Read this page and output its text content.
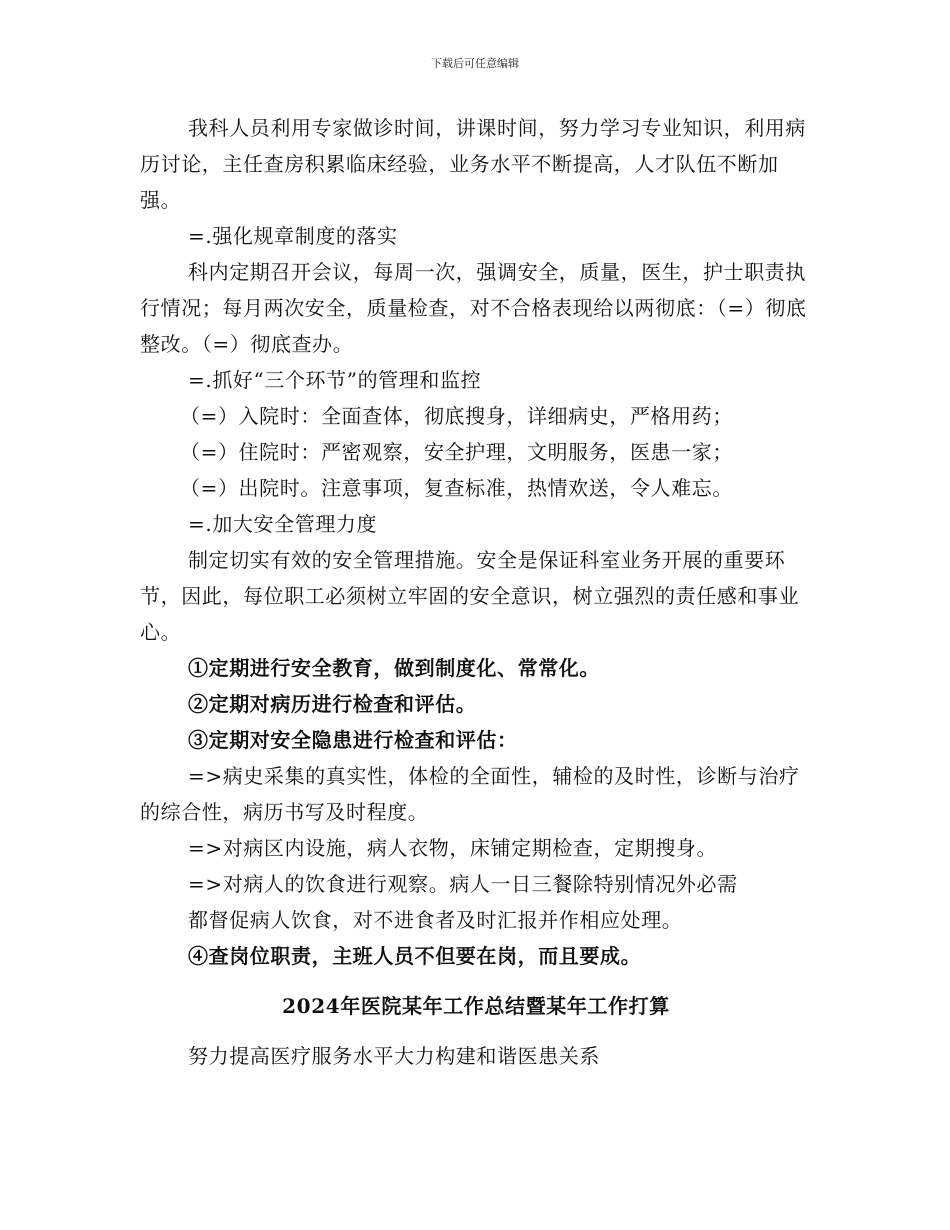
下载后可任意编辑

我科人员利用专家做诊时间，讲课时间，努力学习专业知识，利用病历讨论，主任查房积累临床经验，业务水平不断提高，人才队伍不断加强。

=.强化规章制度的落实

科内定期召开会议，每周一次，强调安全，质量，医生，护士职责执行情况；每月两次安全，质量检查，对不合格表现给以两彻底：（=）彻底整改。（=）彻底查办。

=.抓好“三个环节”的管理和监控

（=）入院时：全面查体，彻底搜身，详细病史，严格用药；

（=）住院时：严密观察，安全护理，文明服务，医患一家；

（=）出院时。注意事项，复查标准，热情欢送，令人难忘。

=.加大安全管理力度

制定切实有效的安全管理措施。安全是保证科室业务开展的重要环节，因此，每位职工必须树立牢固的安全意识，树立强烈的责任感和事业心。

①定期进行安全教育，做到制度化、常常化。

②定期对病历进行检查和评估。

③定期对安全隐患进行检查和评估：

=>病史采集的真实性，体检的全面性，辅检的及时性，诊断与治疗的综合性，病历书写及时程度。

=>对病区内设施，病人衣物，床铺定期检查，定期搜身。

=>对病人的饮食进行观察。病人一日三餐除特别情况外必需

都督促病人饮食，对不进食者及时汇报并作相应处理。

④查岗位职责，主班人员不但要在岗，而且要成。

2024年医院某年工作总结暨某年工作打算

努力提高医疗服务水平大力构建和谐医患关系
